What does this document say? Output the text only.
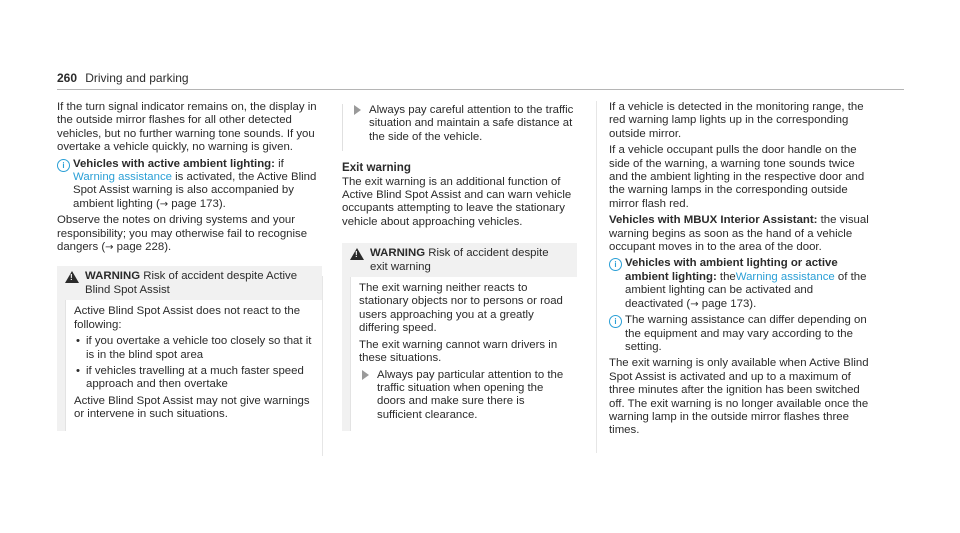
260 Driving and parking

If the turn signal indicator remains on, the display in the outside mirror flashes for all other detected vehicles, but no further warning tone sounds. If you overtake a vehicle quickly, no warning is given.

i Vehicles with active ambient lighting: if Warning assistance is activated, the Active Blind Spot Assist warning is also accompanied by ambient lighting (→ page 173).

Observe the notes on driving systems and your responsibility; you may otherwise fail to recognise dangers (→ page 228).

! WARNING Risk of accident despite Active Blind Spot Assist

Active Blind Spot Assist does not react to the following:

• if you overtake a vehicle too closely so that it is in the blind spot area

• if vehicles travelling at a much faster speed approach and then overtake

Active Blind Spot Assist may not give warnings or intervene in such situations.

Always pay careful attention to the traffic situation and maintain a safe distance at the side of the vehicle.

Exit warning

The exit warning is an additional function of Active Blind Spot Assist and can warn vehicle occupants attempting to leave the stationary vehicle about approaching vehicles.

! WARNING Risk of accident despite exit warning

The exit warning neither reacts to stationary objects nor to persons or road users approaching you at a greatly differing speed.

The exit warning cannot warn drivers in these situations.

Always pay particular attention to the traffic situation when opening the doors and make sure there is sufficient clearance.

If a vehicle is detected in the monitoring range, the red warning lamp lights up in the corresponding outside mirror.

If a vehicle occupant pulls the door handle on the side of the warning, a warning tone sounds twice and the ambient lighting in the respective door and the warning lamps in the corresponding outside mirror flash red.

Vehicles with MBUX Interior Assistant: the visual warning begins as soon as the hand of a vehicle occupant moves in to the area of the door.

i Vehicles with ambient lighting or active ambient lighting: theWarning assistance of the ambient lighting can be activated and deactivated (→ page 173).

i The warning assistance can differ depending on the equipment and may vary according to the setting.

The exit warning is only available when Active Blind Spot Assist is activated and up to a maximum of three minutes after the ignition has been switched off. The exit warning is no longer available once the warning lamp in the outside mirror flashes three times.
